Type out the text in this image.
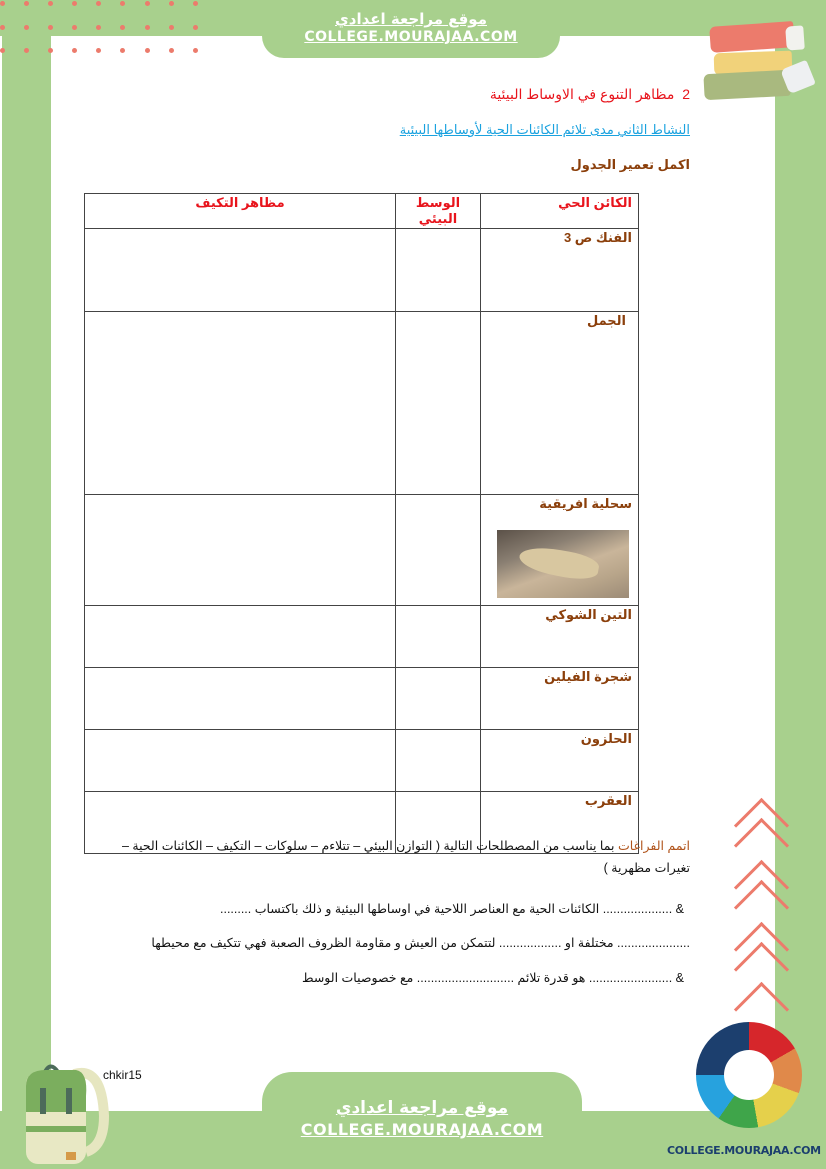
موقع مراجعة اعدادي
COLLEGE.MOURAJAA.COM
2  مظاهر التنوع في الاوساط البيئية
النشاط الثاني مدى تلائم الكائنات الحية لأوساطها البيئية
اكمل تعمير الجدول
الكائن الحي	الوسط البيئي	مظاهر التكيف
الفنك ص 3		
الجمل		
سحلية افريقية

التين الشوكي		
شجرة الفيلين		
الحلزون		
العقرب		
اتمم الفراغات بما يناسب من المصطلحات التالية ( التوازن البيئي – تتلاءم – سلوكات – التكيف – الكائنات الحية – تغيرات مظهرية )
& .................... الكائنات الحية مع العناصر اللاحية في اوساطها البيئية و ذلك باكتساب .........
..................... مختلفة او .................. لتتمكن من العيش و مقاومة الظروف الصعبة فهي تتكيف مع محيطها
& ........................ هو قدرة تلائم ............................ مع خصوصيات الوسط
chkir15
موقع مراجعة اعدادي
COLLEGE.MOURAJAA.COM
COLLEGE.MOURAJAA.COM
